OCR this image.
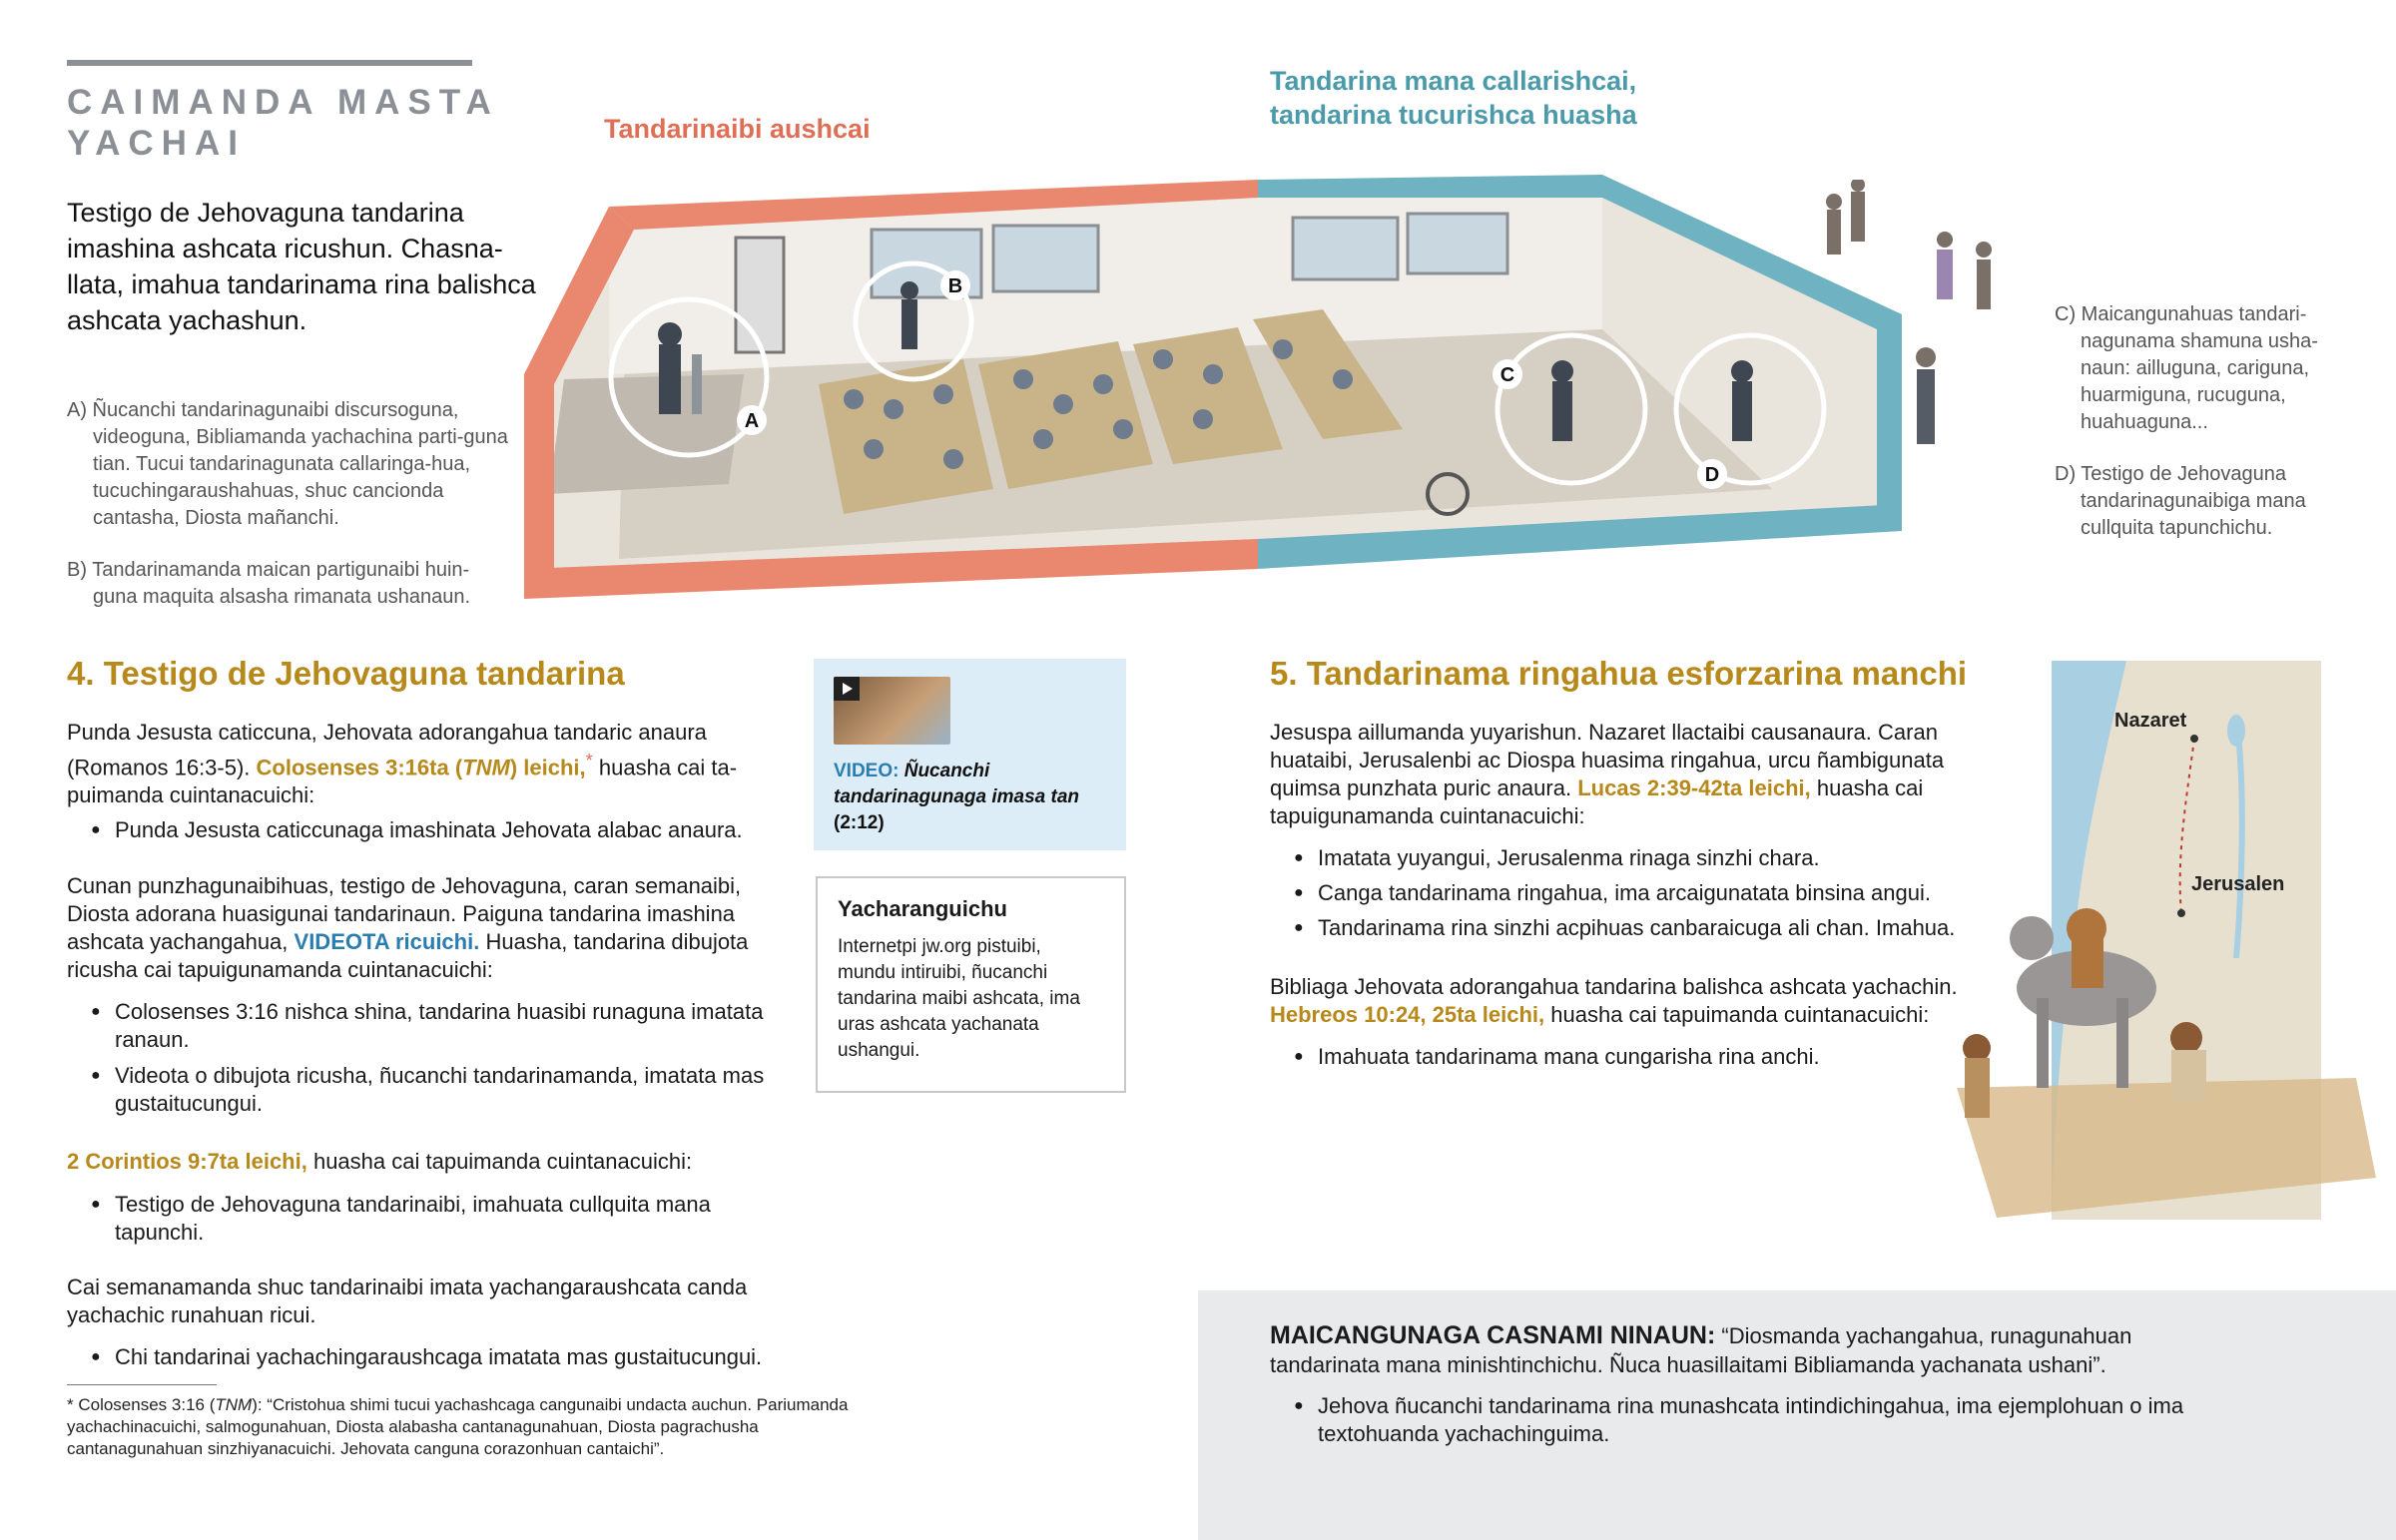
CAIMANDA MASTA
YACHAI
Testigo de Jehovaguna tandarina imashina ashcata ricushun. Chasna-llata, imahua tandarinama rina balishca ashcata yachashun.
A) Ñucanchi tandarinagunaibi discursoguna,
videoguna, Bibliamanda yachachina parti-guna tian. Tucui tandarinagunata callaringa-hua, tucuchingaraushahuas, shuc cancionda cantasha, Diosta mañanchi.
B) Tandarinamanda maican partigunaibi huin-
guna maquita alsasha rimanata ushanaun.
Tandarinaibi aushcai
Tandarina mana callarishcai,
tandarina tucurishca huasha
A
B
C
D
C) Maicangunahuas tandari-
nagunama shamuna usha-naun: ailluguna, cariguna, huarmiguna, rucuguna, huahuaguna...
D) Testigo de Jehovaguna
tandarinagunaibiga mana cullquita tapunchichu.
4. Testigo de Jehovaguna tandarina
Punda Jesusta caticcuna, Jehovata adorangahua tandaric anaura (Romanos 16:3-5). Colosenses 3:16ta (TNM) leichi,* huasha cai ta-puimanda cuintanacuichi:
● Punda Jesusta caticcunaga imashinata Jehovata alabac anaura.
Cunan punzhagunaibihuas, testigo de Jehovaguna, caran semanaibi, Diosta adorana huasigunai tandarinaun. Paiguna tandarina imashina ashcata yachangahua, VIDEOTA ricuichi. Huasha, tandarina dibujota ricusha cai tapuigunamanda cuintanacuichi:
● Colosenses 3:16 nishca shina, tandarina huasibi runaguna imatata ranaun.
● Videota o dibujota ricusha, ñucanchi tandarinamanda, imatata mas gustaitucungui.
2 Corintios 9:7ta leichi, huasha cai tapuimanda cuintanacuichi:
● Testigo de Jehovaguna tandarinaibi, imahuata cullquita mana tapunchi.
Cai semanamanda shuc tandarinaibi imata yachangaraushcata canda yachachic runahuan ricui.
● Chi tandarinai yachachingaraushcaga imatata mas gustaitucungui.
* Colosenses 3:16 (TNM): “Cristohua shimi tucui yachashcaga cangunaibi undacta auchun. Pariumanda yachachinacuichi, salmogunahuan, Diosta alabasha cantanagunahuan, Diosta pagrachusha cantanagunahuan sinzhiyanacuichi. Jehovata canguna corazonhuan cantaichi”.
VIDEO: Ñucanchi tandarinagunaga imasa tan (2:12)
Yacharanguichu
Internetpi jw.org pistuibi, mundu intiruibi, ñucanchi tandarina maibi ashcata, ima uras ashcata yachanata ushangui.
5. Tandarinama ringahua esforzarina manchi
Jesuspa aillumanda yuyarishun. Nazaret llactaibi causanaura. Caran huataibi, Jerusalenbi ac Diospa huasima ringahua, urcu ñambigunata quimsa punzhata puric anaura. Lucas 2:39-42ta leichi, huasha cai tapuigunamanda cuintanacuichi:
● Imatata yuyangui, Jerusalenma rinaga sinzhi chara.
● Canga tandarinama ringahua, ima arcaigunatata binsina angui.
● Tandarinama rina sinzhi acpihuas canbaraicuga ali chan. Imahua.
Bibliaga Jehovata adorangahua tandarina balishca ashcata yachachin. Hebreos 10:24, 25ta leichi, huasha cai tapuimanda cuintanacuichi:
● Imahuata tandarinama mana cungarisha rina anchi.
Nazaret
Jerusalen
MAICANGUNAGA CASNAMI NINAUN: “Diosmanda yachangahua, runagunahuan tandarinata mana minishtinchichu. Ñuca huasillaitami Bibliamanda yachanata ushani”.
● Jehova ñucanchi tandarinama rina munashcata intindichingahua, ima ejemplohuan o ima textohuanda yachachinguima.
